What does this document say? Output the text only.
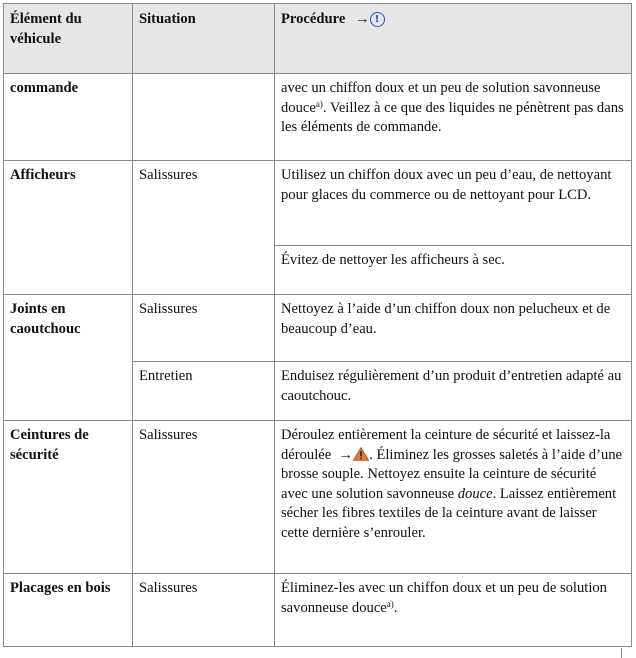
Élément du véhicule	Situation	Procédure → !
commande		avec un chiffon doux et un peu de solution savonneuse douce$^{a)}$. Veillez à ce que des liquides ne pénètrent pas dans les éléments de commande.
Afficheurs	Salissures	Utilisez un chiffon doux avec un peu d’eau, de nettoyant pour glaces du commerce ou de nettoyant pour LCD.
		Évitez de nettoyer les afficheurs à sec.
Joints en caoutchouc	Salissures	Nettoyez à l’aide d’un chiffon doux non pelucheux et de beaucoup d’eau.
	Entretien	Enduisez régulièrement d’un produit d’entretien adapté au caoutchouc.
Ceintures de sécurité	Salissures	Déroulez entièrement la ceinture de sécurité et laissez-la déroulée → . Éliminez les grosses saletés à l’aide d’une brosse souple. Nettoyez ensuite la ceinture de sécurité avec une solution savonneuse douce. Laissez entièrement sécher les fibres textiles de la ceinture avant de laisser cette dernière s’enrouler.
Placages en bois	Salissures	Éliminez-les avec un chiffon doux et un peu de solution savonneuse douce$^{a)}$.
